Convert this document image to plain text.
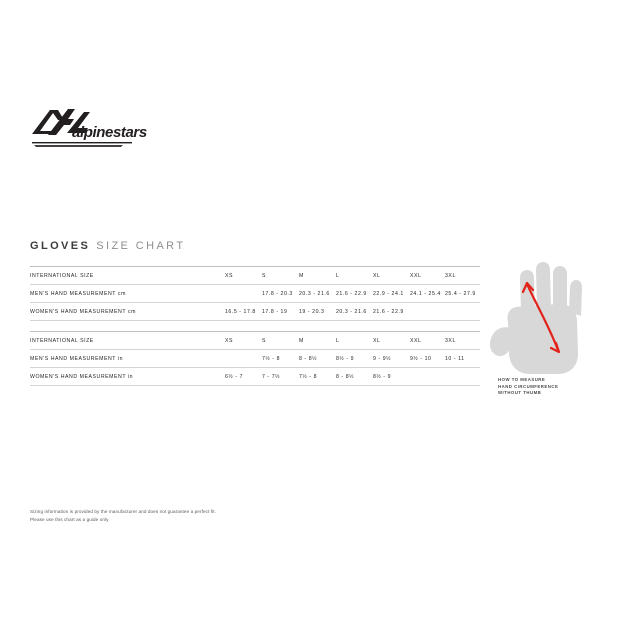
alpinestars
GLOVES SIZE CHART

INTERNATIONAL SIZE	XS	S	M	L	XL	XXL	3XL

MEN'S HAND MEASUREMENT cm		17.8 - 20.3	20.3 - 21.6	21.6 - 22.9	22.9 - 24.1	24.1 - 25.4	25.4 - 27.9

WOMEN'S HAND MEASUREMENT cm	16.5 - 17.8	17.8 - 19	19 - 20.3	20.3 - 21.6	21.6 - 22.9		

INTERNATIONAL SIZE	XS	S	M	L	XL	XXL	3XL

MEN'S HAND MEASUREMENT in		7½ - 8	8 - 8½	8½ - 9	9 - 9½	9½ - 10	10 - 11

WOMEN'S HAND MEASUREMENT in	6½ - 7	7 - 7½	7½ - 8	8 - 8½	8½ - 9			HOW TO MEASURE
HAND CIRCUMFERENCE
WITHOUT THUMB
Sizing information is provided by the manufacturer and does not guarantee a perfect fit.
Please use this chart as a guide only
